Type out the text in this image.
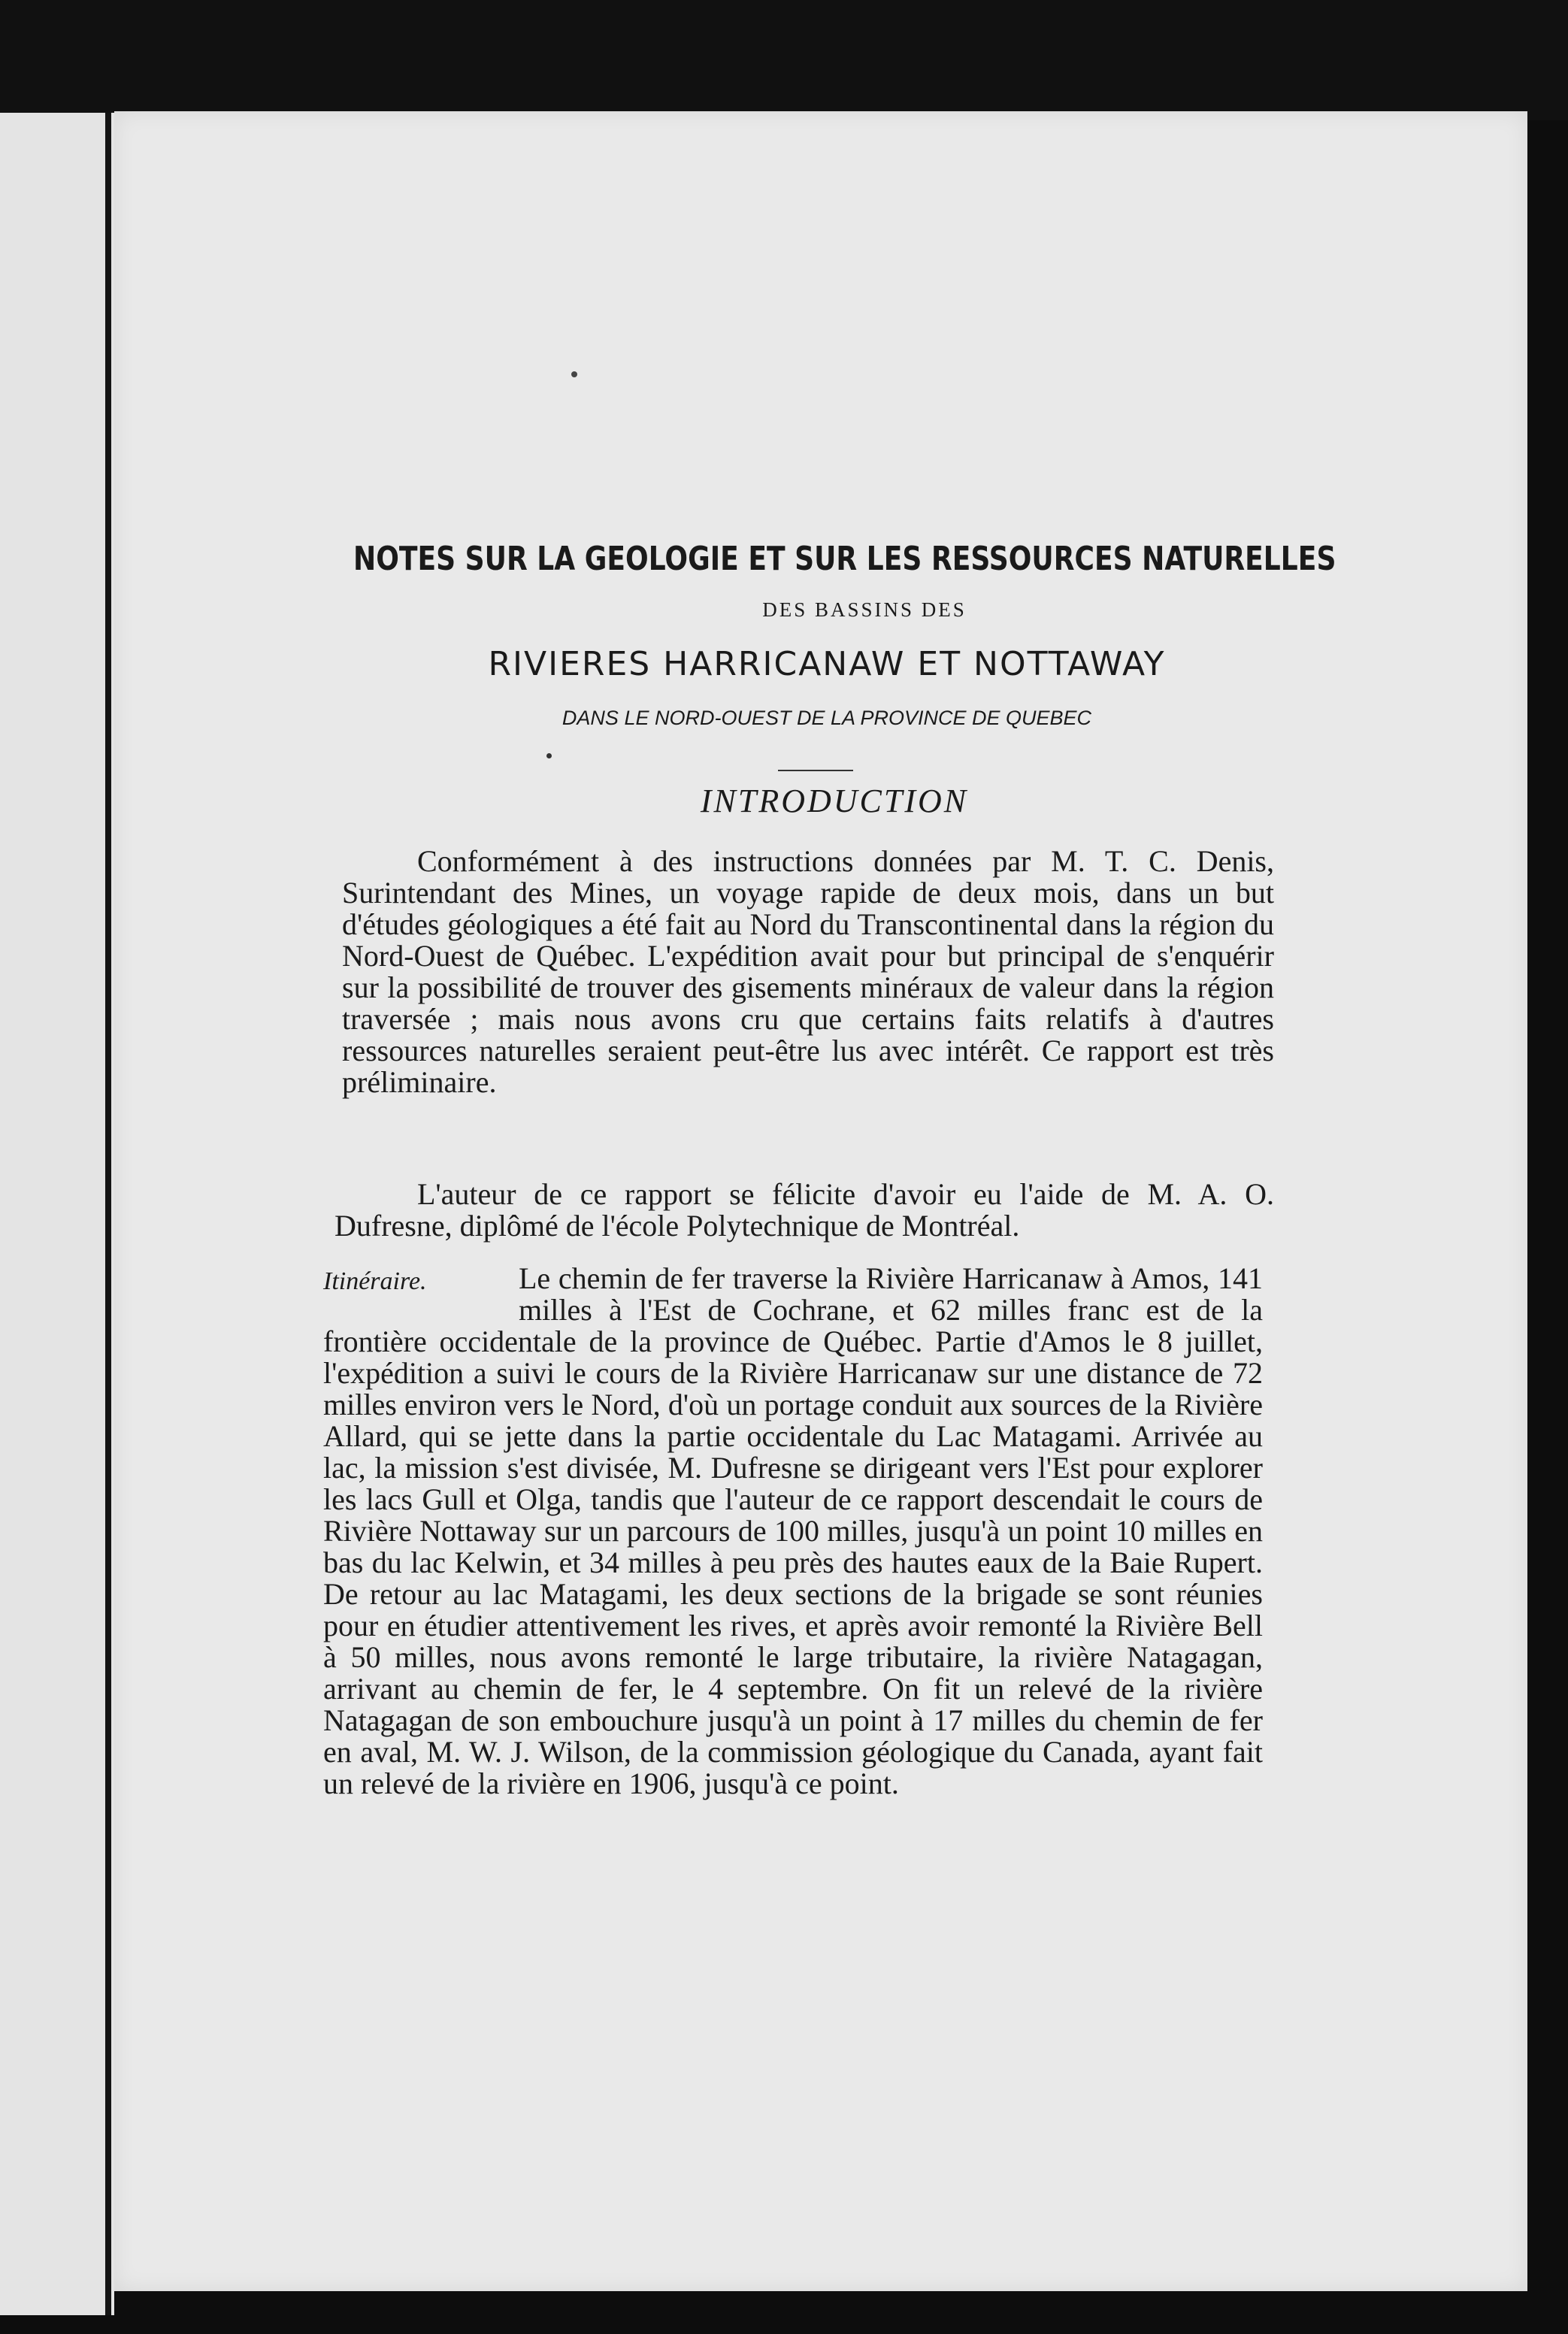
NOTES SUR LA GEOLOGIE ET SUR LES RESSOURCES NATURELLES
DES BASSINS DES
RIVIERES HARRICANAW ET NOTTAWAY
DANS LE NORD-OUEST DE LA PROVINCE DE QUEBEC
INTRODUCTION
Conformément à des instructions données par M. T. C. Denis, Surintendant des Mines, un voyage rapide de deux mois, dans un but d'études géologiques a été fait au Nord du Transcontinental dans la région du Nord-Ouest de Québec. L'expédition avait pour but principal de s'enquérir sur la possibilité de trouver des gisements minéraux de valeur dans la région traversée ; mais nous avons cru que certains faits relatifs à d'autres ressources naturelles seraient peut-être lus avec intérêt. Ce rapport est très préliminaire.
L'auteur de ce rapport se félicite d'avoir eu l'aide de M. A. O. Dufresne, diplômé de l'école Polytechnique de Montréal.
Itinéraire.	Le chemin de fer traverse la Rivière Harricanaw à Amos, 141 milles à l'Est de Cochrane, et 62 milles franc est de la frontière occidentale de la province de Québec. Partie d'Amos le 8 juillet, l'expédition a suivi le cours de la Rivière Harricanaw sur une distance de 72 milles environ vers le Nord, d'où un portage conduit aux sources de la Rivière Allard, qui se jette dans la partie occidentale du Lac Matagami. Arrivée au lac, la mission s'est divisée, M. Dufresne se dirigeant vers l'Est pour explorer les lacs Gull et Olga, tandis que l'auteur de ce rapport descendait le cours de Rivière Nottaway sur un parcours de 100 milles, jusqu'à un point 10 milles en bas du lac Kelwin, et 34 milles à peu près des hautes eaux de la Baie Rupert. De retour au lac Matagami, les deux sections de la brigade se sont réunies pour en étudier attentivement les rives, et après avoir remonté la Rivière Bell à 50 milles, nous avons remonté le large tributaire, la rivière Natagagan, arrivant au chemin de fer, le 4 septembre. On fit un relevé de la rivière Natagagan de son embouchure jusqu'à un point à 17 milles du chemin de fer en aval, M. W. J. Wilson, de la commission géologique du Canada, ayant fait un relevé de la rivière en 1906, jusqu'à ce point.
